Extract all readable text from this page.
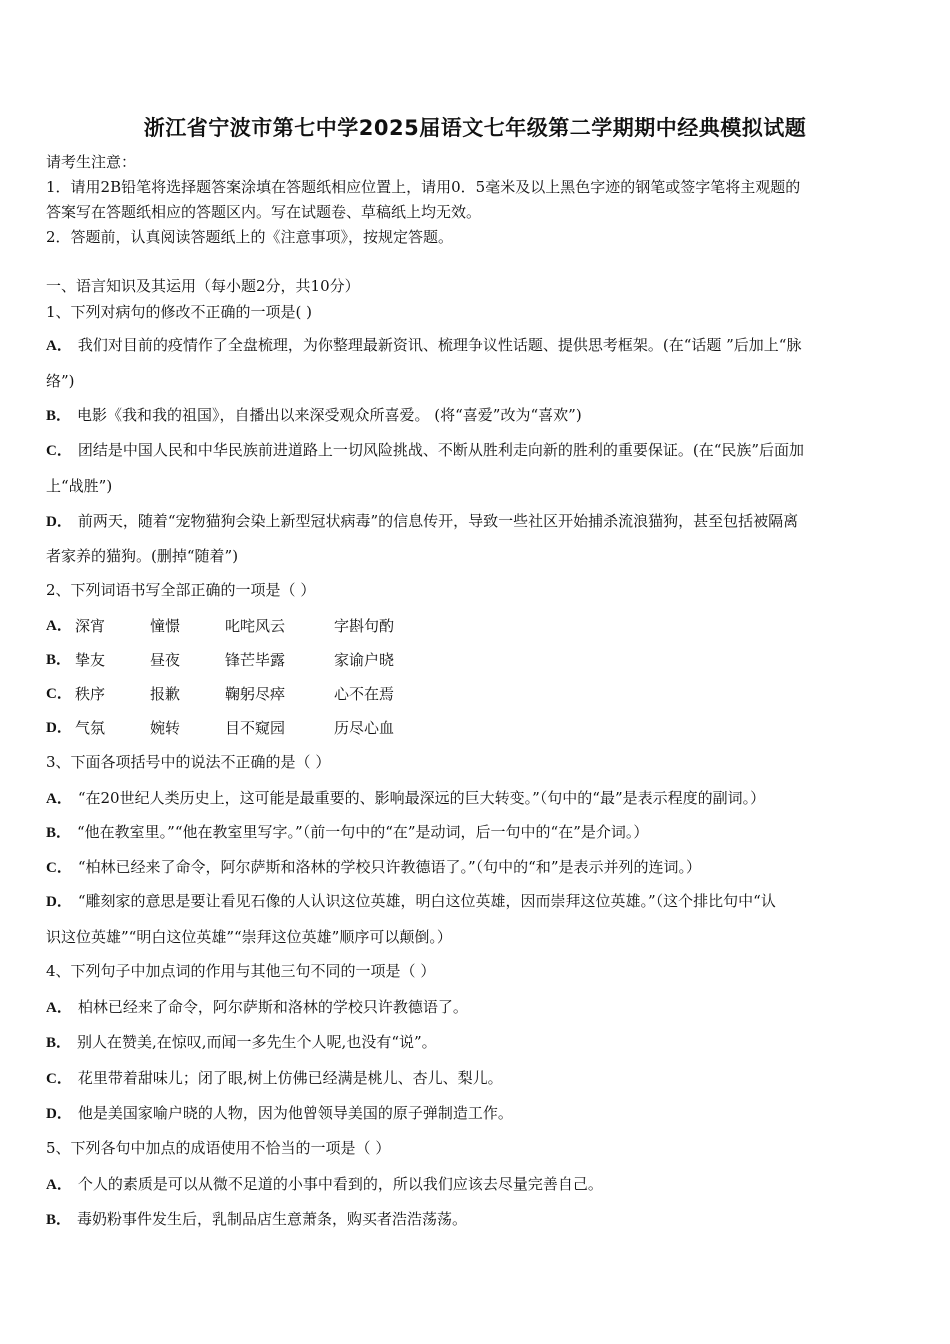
浙江省宁波市第七中学2025届语文七年级第二学期期中经典模拟试题
请考生注意：
1．请用2B铅笔将选择题答案涂填在答题纸相应位置上，请用0．5毫米及以上黑色字迹的钢笔或签字笔将主观题的
答案写在答题纸相应的答题区内。写在试题卷、草稿纸上均无效。
2．答题前，认真阅读答题纸上的《注意事项》，按规定答题。
一、语言知识及其运用（每小题2分，共10分）
1、下列对病句的修改不正确的一项是( )
A． 我们对目前的疫情作了全盘梳理，为你整理最新资讯、梳理争议性话题、提供思考框架。(在“话题 ”后加上“脉
络”)
B． 电影《我和我的祖国》，自播出以来深受观众所喜爱。 (将“喜爱”改为“喜欢”)
C． 团结是中国人民和中华民族前进道路上一切风险挑战、不断从胜利走向新的胜利的重要保证。(在“民族”后面加
上“战胜”)
D． 前两天，随着“宠物猫狗会染上新型冠状病毒”的信息传开，导致一些社区开始捕杀流浪猫狗，甚至包括被隔离
者家养的猫狗。(删掉“随着”)
2、下列词语书写全部正确的一项是（ ）
A． 深宵	憧憬	叱咤风云	字斟句酌
B． 挚友	昼夜	锋芒毕露	家谕户晓
C． 秩序	报歉	鞠躬尽瘁	心不在焉
D． 气氛	婉转	目不窥园	历尽心血
3、下面各项括号中的说法不正确的是（ ）
A． “在20世纪人类历史上，这可能是最重要的、影响最深远的巨大转变。”（句中的“最”是表示程度的副词。）
B． “他在教室里。”“他在教室里写字。”（前一句中的“在”是动词，后一句中的“在”是介词。）
C． “柏林已经来了命令，阿尔萨斯和洛林的学校只许教德语了。”（句中的“和”是表示并列的连词。）
D． “雕刻家的意思是要让看见石像的人认识这位英雄，明白这位英雄，因而崇拜这位英雄。”（这个排比句中“认
识这位英雄”“明白这位英雄”“崇拜这位英雄”顺序可以颠倒。）
4、下列句子中加点词的作用与其他三句不同的一项是（ ）
A． 柏林已经来了命令，阿尔萨斯和洛林的学校只许教德语了。
B． 别人在赞美,在惊叹,而闻一多先生个人呢,也没有“说”。
C． 花里带着甜味儿；闭了眼,树上仿佛已经满是桃儿、杏儿、梨儿。
D． 他是美国家喻户晓的人物，因为他曾领导美国的原子弹制造工作。
5、下列各句中加点的成语使用不恰当的一项是（ ）
A． 个人的素质是可以从微不足道的小事中看到的，所以我们应该去尽量完善自己。
B． 毒奶粉事件发生后，乳制品店生意萧条，购买者浩浩荡荡。
